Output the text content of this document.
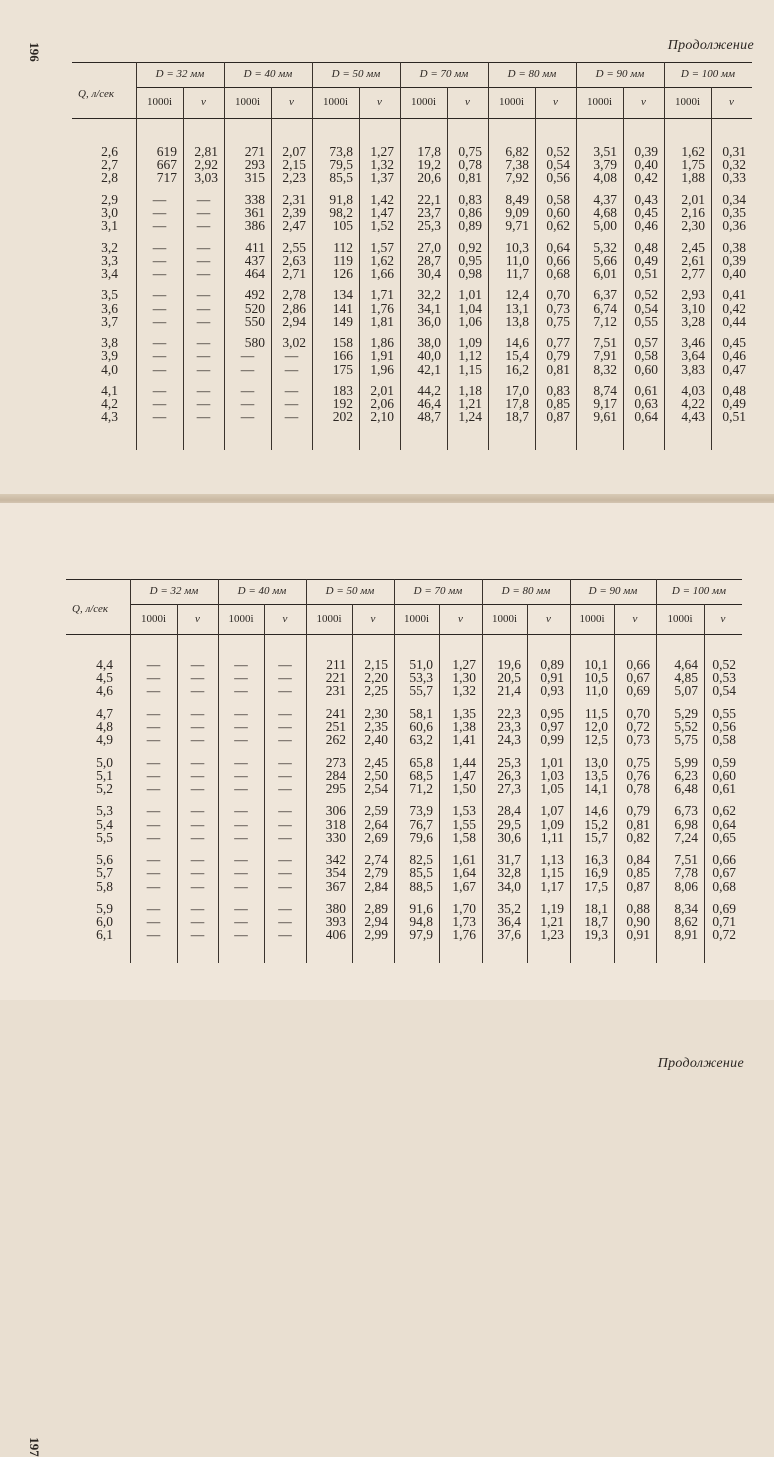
196	Продолжение
Q, л/сек
D = 32 мм
1000i	v
D = 40 мм
1000i	v
D = 50 мм
1000i	v
D = 70 мм
1000i	v
D = 80 мм
1000i	v
D = 90 мм
1000i	v
D = 100 мм
1000i	v
2,6	619	2,81	271	2,07	73,8	1,27	17,8	0,75	6,82	0,52	3,51	0,39	1,62	0,31
2,7	667	2,92	293	2,15	79,5	1,32	19,2	0,78	7,38	0,54	3,79	0,40	1,75	0,32
2,8	717	3,03	315	2,23	85,5	1,37	20,6	0,81	7,92	0,56	4,08	0,42	1,88	0,33
2,9	—	—	338	2,31	91,8	1,42	22,1	0,83	8,49	0,58	4,37	0,43	2,01	0,34
3,0	—	—	361	2,39	98,2	1,47	23,7	0,86	9,09	0,60	4,68	0,45	2,16	0,35
3,1	—	—	386	2,47	105	1,52	25,3	0,89	9,71	0,62	5,00	0,46	2,30	0,36
3,2	—	—	411	2,55	112	1,57	27,0	0,92	10,3	0,64	5,32	0,48	2,45	0,38
3,3	—	—	437	2,63	119	1,62	28,7	0,95	11,0	0,66	5,66	0,49	2,61	0,39
3,4	—	—	464	2,71	126	1,66	30,4	0,98	11,7	0,68	6,01	0,51	2,77	0,40
3,5	—	—	492	2,78	134	1,71	32,2	1,01	12,4	0,70	6,37	0,52	2,93	0,41
3,6	—	—	520	2,86	141	1,76	34,1	1,04	13,1	0,73	6,74	0,54	3,10	0,42
3,7	—	—	550	2,94	149	1,81	36,0	1,06	13,8	0,75	7,12	0,55	3,28	0,44
3,8	—	—	580	3,02	158	1,86	38,0	1,09	14,6	0,77	7,51	0,57	3,46	0,45
3,9	—	—	—	—	166	1,91	40,0	1,12	15,4	0,79	7,91	0,58	3,64	0,46
4,0	—	—	—	—	175	1,96	42,1	1,15	16,2	0,81	8,32	0,60	3,83	0,47
4,1	—	—	—	—	183	2,01	44,2	1,18	17,0	0,83	8,74	0,61	4,03	0,48
4,2	—	—	—	—	192	2,06	46,4	1,21	17,8	0,85	9,17	0,63	4,22	0,49
4,3	—	—	—	—	202	2,10	48,7	1,24	18,7	0,87	9,61	0,64	4,43	0,51
197
Продолжение
Q, л/сек
D = 32 мм
1000i	v
D = 40 мм
1000i	v
D = 50 мм
1000i	v
D = 70 мм
1000i	v
D = 80 мм
1000i	v
D = 90 мм
1000i	v
D = 100 мм
1000i	v
4,4	—	—	—	—	211	2,15	51,0	1,27	19,6	0,89	10,1	0,66	4,64	0,52
4,5	—	—	—	—	221	2,20	53,3	1,30	20,5	0,91	10,5	0,67	4,85	0,53
4,6	—	—	—	—	231	2,25	55,7	1,32	21,4	0,93	11,0	0,69	5,07	0,54
4,7	—	—	—	—	241	2,30	58,1	1,35	22,3	0,95	11,5	0,70	5,29	0,55
4,8	—	—	—	—	251	2,35	60,6	1,38	23,3	0,97	12,0	0,72	5,52	0,56
4,9	—	—	—	—	262	2,40	63,2	1,41	24,3	0,99	12,5	0,73	5,75	0,58
5,0	—	—	—	—	273	2,45	65,8	1,44	25,3	1,01	13,0	0,75	5,99	0,59
5,1	—	—	—	—	284	2,50	68,5	1,47	26,3	1,03	13,5	0,76	6,23	0,60
5,2	—	—	—	—	295	2,54	71,2	1,50	27,3	1,05	14,1	0,78	6,48	0,61
5,3	—	—	—	—	306	2,59	73,9	1,53	28,4	1,07	14,6	0,79	6,73	0,62
5,4	—	—	—	—	318	2,64	76,7	1,55	29,5	1,09	15,2	0,81	6,98	0,64
5,5	—	—	—	—	330	2,69	79,6	1,58	30,6	1,11	15,7	0,82	7,24	0,65
5,6	—	—	—	—	342	2,74	82,5	1,61	31,7	1,13	16,3	0,84	7,51	0,66
5,7	—	—	—	—	354	2,79	85,5	1,64	32,8	1,15	16,9	0,85	7,78	0,67
5,8	—	—	—	—	367	2,84	88,5	1,67	34,0	1,17	17,5	0,87	8,06	0,68
5,9	—	—	—	—	380	2,89	91,6	1,70	35,2	1,19	18,1	0,88	8,34	0,69
6,0	—	—	—	—	393	2,94	94,8	1,73	36,4	1,21	18,7	0,90	8,62	0,71
6,1	—	—	—	—	406	2,99	97,9	1,76	37,6	1,23	19,3	0,91	8,91	0,72
